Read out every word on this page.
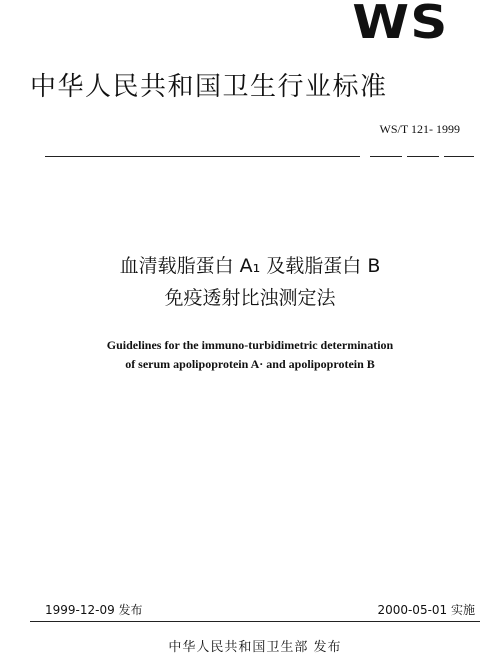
WS
中华人民共和国卫生行业标准
WS/T 121- 1999
血清载脂蛋白 A₁ 及载脂蛋白 B
免疫透射比浊测定法
Guidelines for the immuno-turbidimetric determination
of serum apolipoprotein A· and apolipoprotein B
1999-12-09 发布	2000-05-01 实施
中华人民共和国卫生部 发布
